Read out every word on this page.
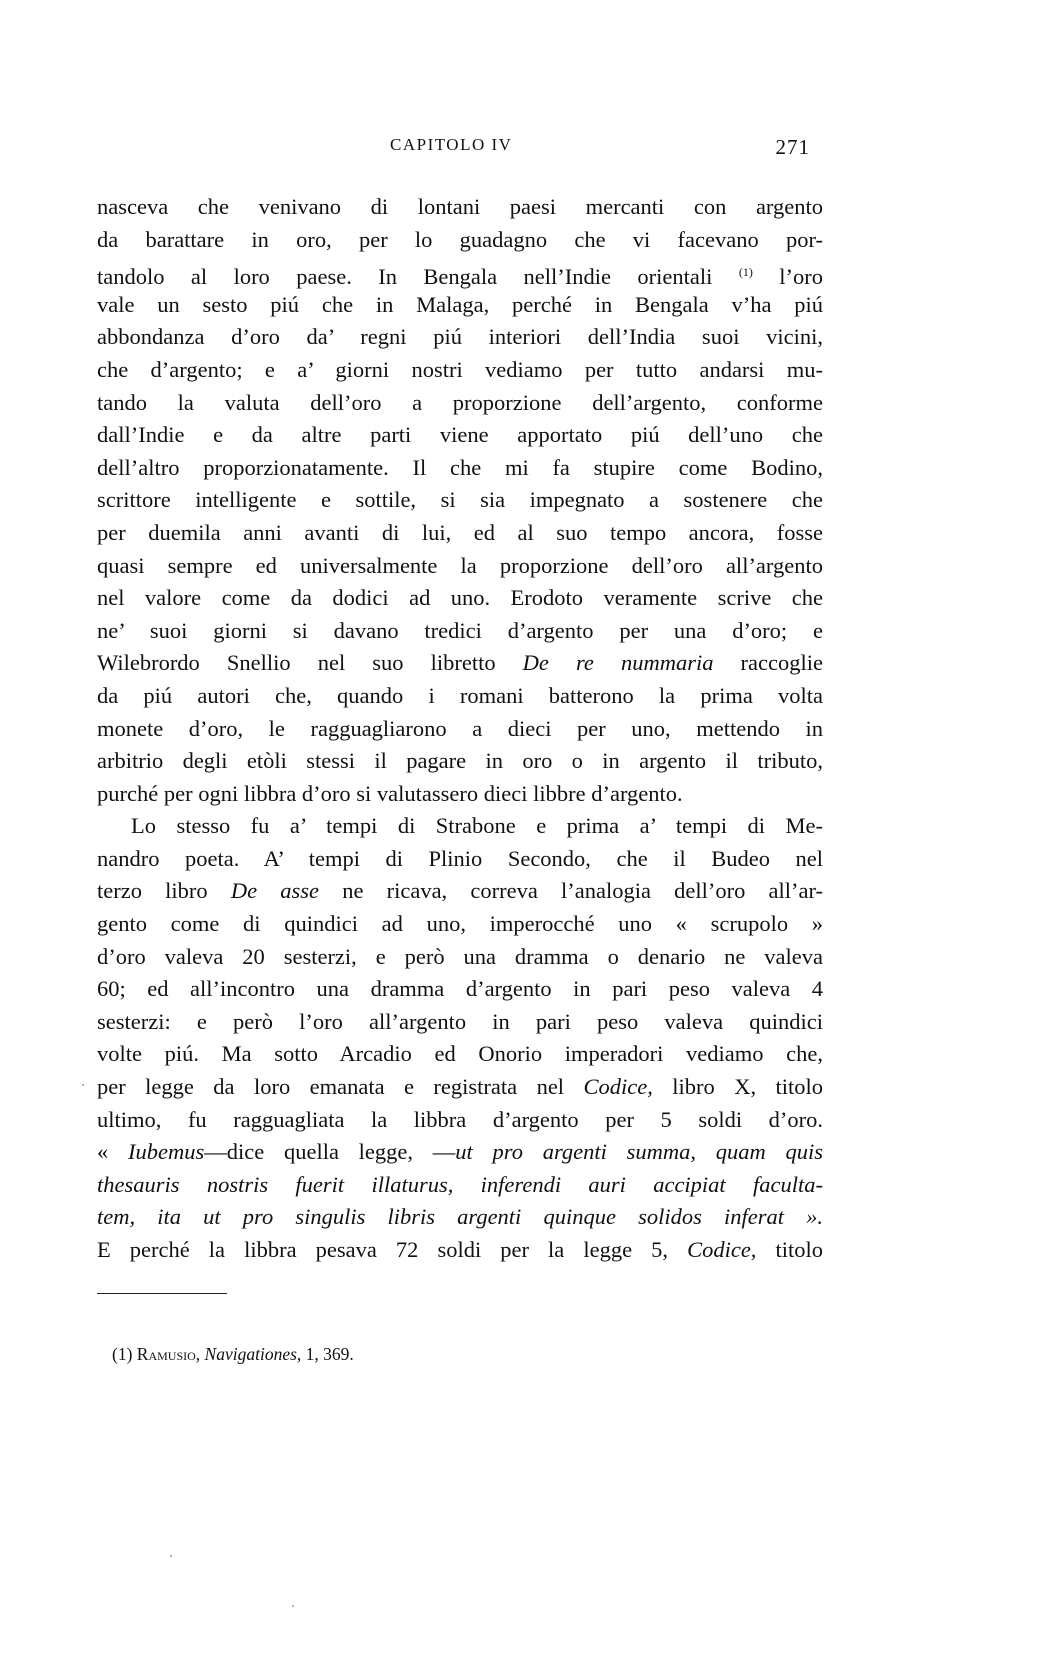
CAPITOLO IV	271
nasceva che venivano di lontani paesi mercanti con argento
da barattare in oro, per lo guadagno che vi facevano por-
tandolo al loro paese. In Bengala nell’Indie orientali $^{(1)}$ l’oro
vale un sesto piú che in Malaga, perché in Bengala v’ha piú
abbondanza d’oro da’ regni piú interiori dell’India suoi vicini,
che d’argento; e a’ giorni nostri vediamo per tutto andarsi mu-
tando la valuta dell’oro a proporzione dell’argento, conforme
dall’Indie e da altre parti viene apportato piú dell’uno che
dell’altro proporzionatamente. Il che mi fa stupire come Bodino,
scrittore intelligente e sottile, si sia impegnato a sostenere che
per duemila anni avanti di lui, ed al suo tempo ancora, fosse
quasi sempre ed universalmente la proporzione dell’oro all’argento
nel valore come da dodici ad uno. Erodoto veramente scrive che
ne’ suoi giorni si davano tredici d’argento per una d’oro; e
Wilebrordo Snellio nel suo libretto De re nummaria raccoglie
da piú autori che, quando i romani batterono la prima volta
monete d’oro, le ragguagliarono a dieci per uno, mettendo in
arbitrio degli etòli stessi il pagare in oro o in argento il tributo,
purché per ogni libbra d’oro si valutassero dieci libbre d’argento.
Lo stesso fu a’ tempi di Strabone e prima a’ tempi di Me-
nandro poeta. A’ tempi di Plinio Secondo, che il Budeo nel
terzo libro De asse ne ricava, correva l’analogia dell’oro all’ar-
gento come di quindici ad uno, imperocché uno « scrupolo »
d’oro valeva 20 sesterzi, e però una dramma o denario ne valeva
60; ed all’incontro una dramma d’argento in pari peso valeva 4
sesterzi: e però l’oro all’argento in pari peso valeva quindici
volte piú. Ma sotto Arcadio ed Onorio imperadori vediamo che,
per legge da loro emanata e registrata nel Codice, libro X, titolo
ultimo, fu ragguagliata la libbra d’argento per 5 soldi d’oro.
« Iubemus—dice quella legge, —ut pro argenti summa, quam quis
thesauris nostris fuerit illaturus, inferendi auri accipiat faculta-
tem, ita ut pro singulis libris argenti quinque solidos inferat ».
E perché la libbra pesava 72 soldi per la legge 5, Codice, titolo
(1) Ramusio, Navigationes, 1, 369.
